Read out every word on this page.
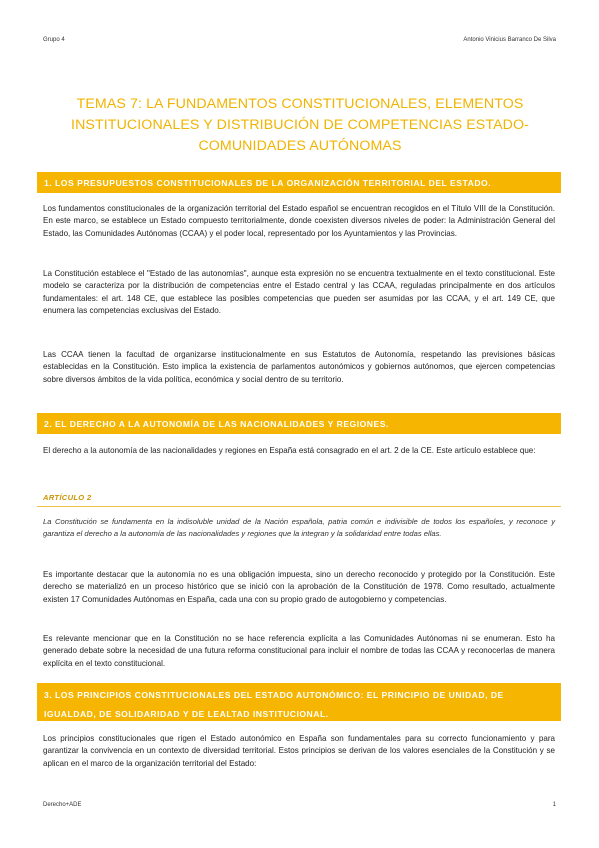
Grupo 4	Antonio Vinicius Barranco De Silva
TEMAS 7: LA FUNDAMENTOS CONSTITUCIONALES, ELEMENTOS INSTITUCIONALES Y DISTRIBUCIÓN DE COMPETENCIAS ESTADO-COMUNIDADES AUTÓNOMAS
1. LOS PRESUPUESTOS CONSTITUCIONALES DE LA ORGANIZACIÓN TERRITORIAL DEL ESTADO.
Los fundamentos constitucionales de la organización territorial del Estado español se encuentran recogidos en el Título VIII de la Constitución. En este marco, se establece un Estado compuesto territorialmente, donde coexisten diversos niveles de poder: la Administración General del Estado, las Comunidades Autónomas (CCAA) y el poder local, representado por los Ayuntamientos y las Provincias.
La Constitución establece el "Estado de las autonomías", aunque esta expresión no se encuentra textualmente en el texto constitucional. Este modelo se caracteriza por la distribución de competencias entre el Estado central y las CCAA, reguladas principalmente en dos artículos fundamentales: el art. 148 CE, que establece las posibles competencias que pueden ser asumidas por las CCAA, y el art. 149 CE, que enumera las competencias exclusivas del Estado.
Las CCAA tienen la facultad de organizarse institucionalmente en sus Estatutos de Autonomía, respetando las previsiones básicas establecidas en la Constitución. Esto implica la existencia de parlamentos autonómicos y gobiernos autónomos, que ejercen competencias sobre diversos ámbitos de la vida política, económica y social dentro de su territorio.
2. EL DERECHO A LA AUTONOMÍA DE LAS NACIONALIDADES Y REGIONES.
El derecho a la autonomía de las nacionalidades y regiones en España está consagrado en el art. 2 de la CE. Este artículo establece que:
ARTÍCULO 2
La Constitución se fundamenta en la indisoluble unidad de la Nación española, patria común e indivisible de todos los españoles, y reconoce y garantiza el derecho a la autonomía de las nacionalidades y regiones que la integran y la solidaridad entre todas ellas.
Es importante destacar que la autonomía no es una obligación impuesta, sino un derecho reconocido y protegido por la Constitución. Este derecho se materializó en un proceso histórico que se inició con la aprobación de la Constitución de 1978. Como resultado, actualmente existen 17 Comunidades Autónomas en España, cada una con su propio grado de autogobierno y competencias.
Es relevante mencionar que en la Constitución no se hace referencia explícita a las Comunidades Autónomas ni se enumeran. Esto ha generado debate sobre la necesidad de una futura reforma constitucional para incluir el nombre de todas las CCAA y reconocerlas de manera explícita en el texto constitucional.
3. LOS PRINCIPIOS CONSTITUCIONALES DEL ESTADO AUTONÓMICO: EL PRINCIPIO DE UNIDAD, DE IGUALDAD, DE SOLIDARIDAD Y DE LEALTAD INSTITUCIONAL.
Los principios constitucionales que rigen el Estado autonómico en España son fundamentales para su correcto funcionamiento y para garantizar la convivencia en un contexto de diversidad territorial. Estos principios se derivan de los valores esenciales de la Constitución y se aplican en el marco de la organización territorial del Estado:
Derecho+ADE	1
